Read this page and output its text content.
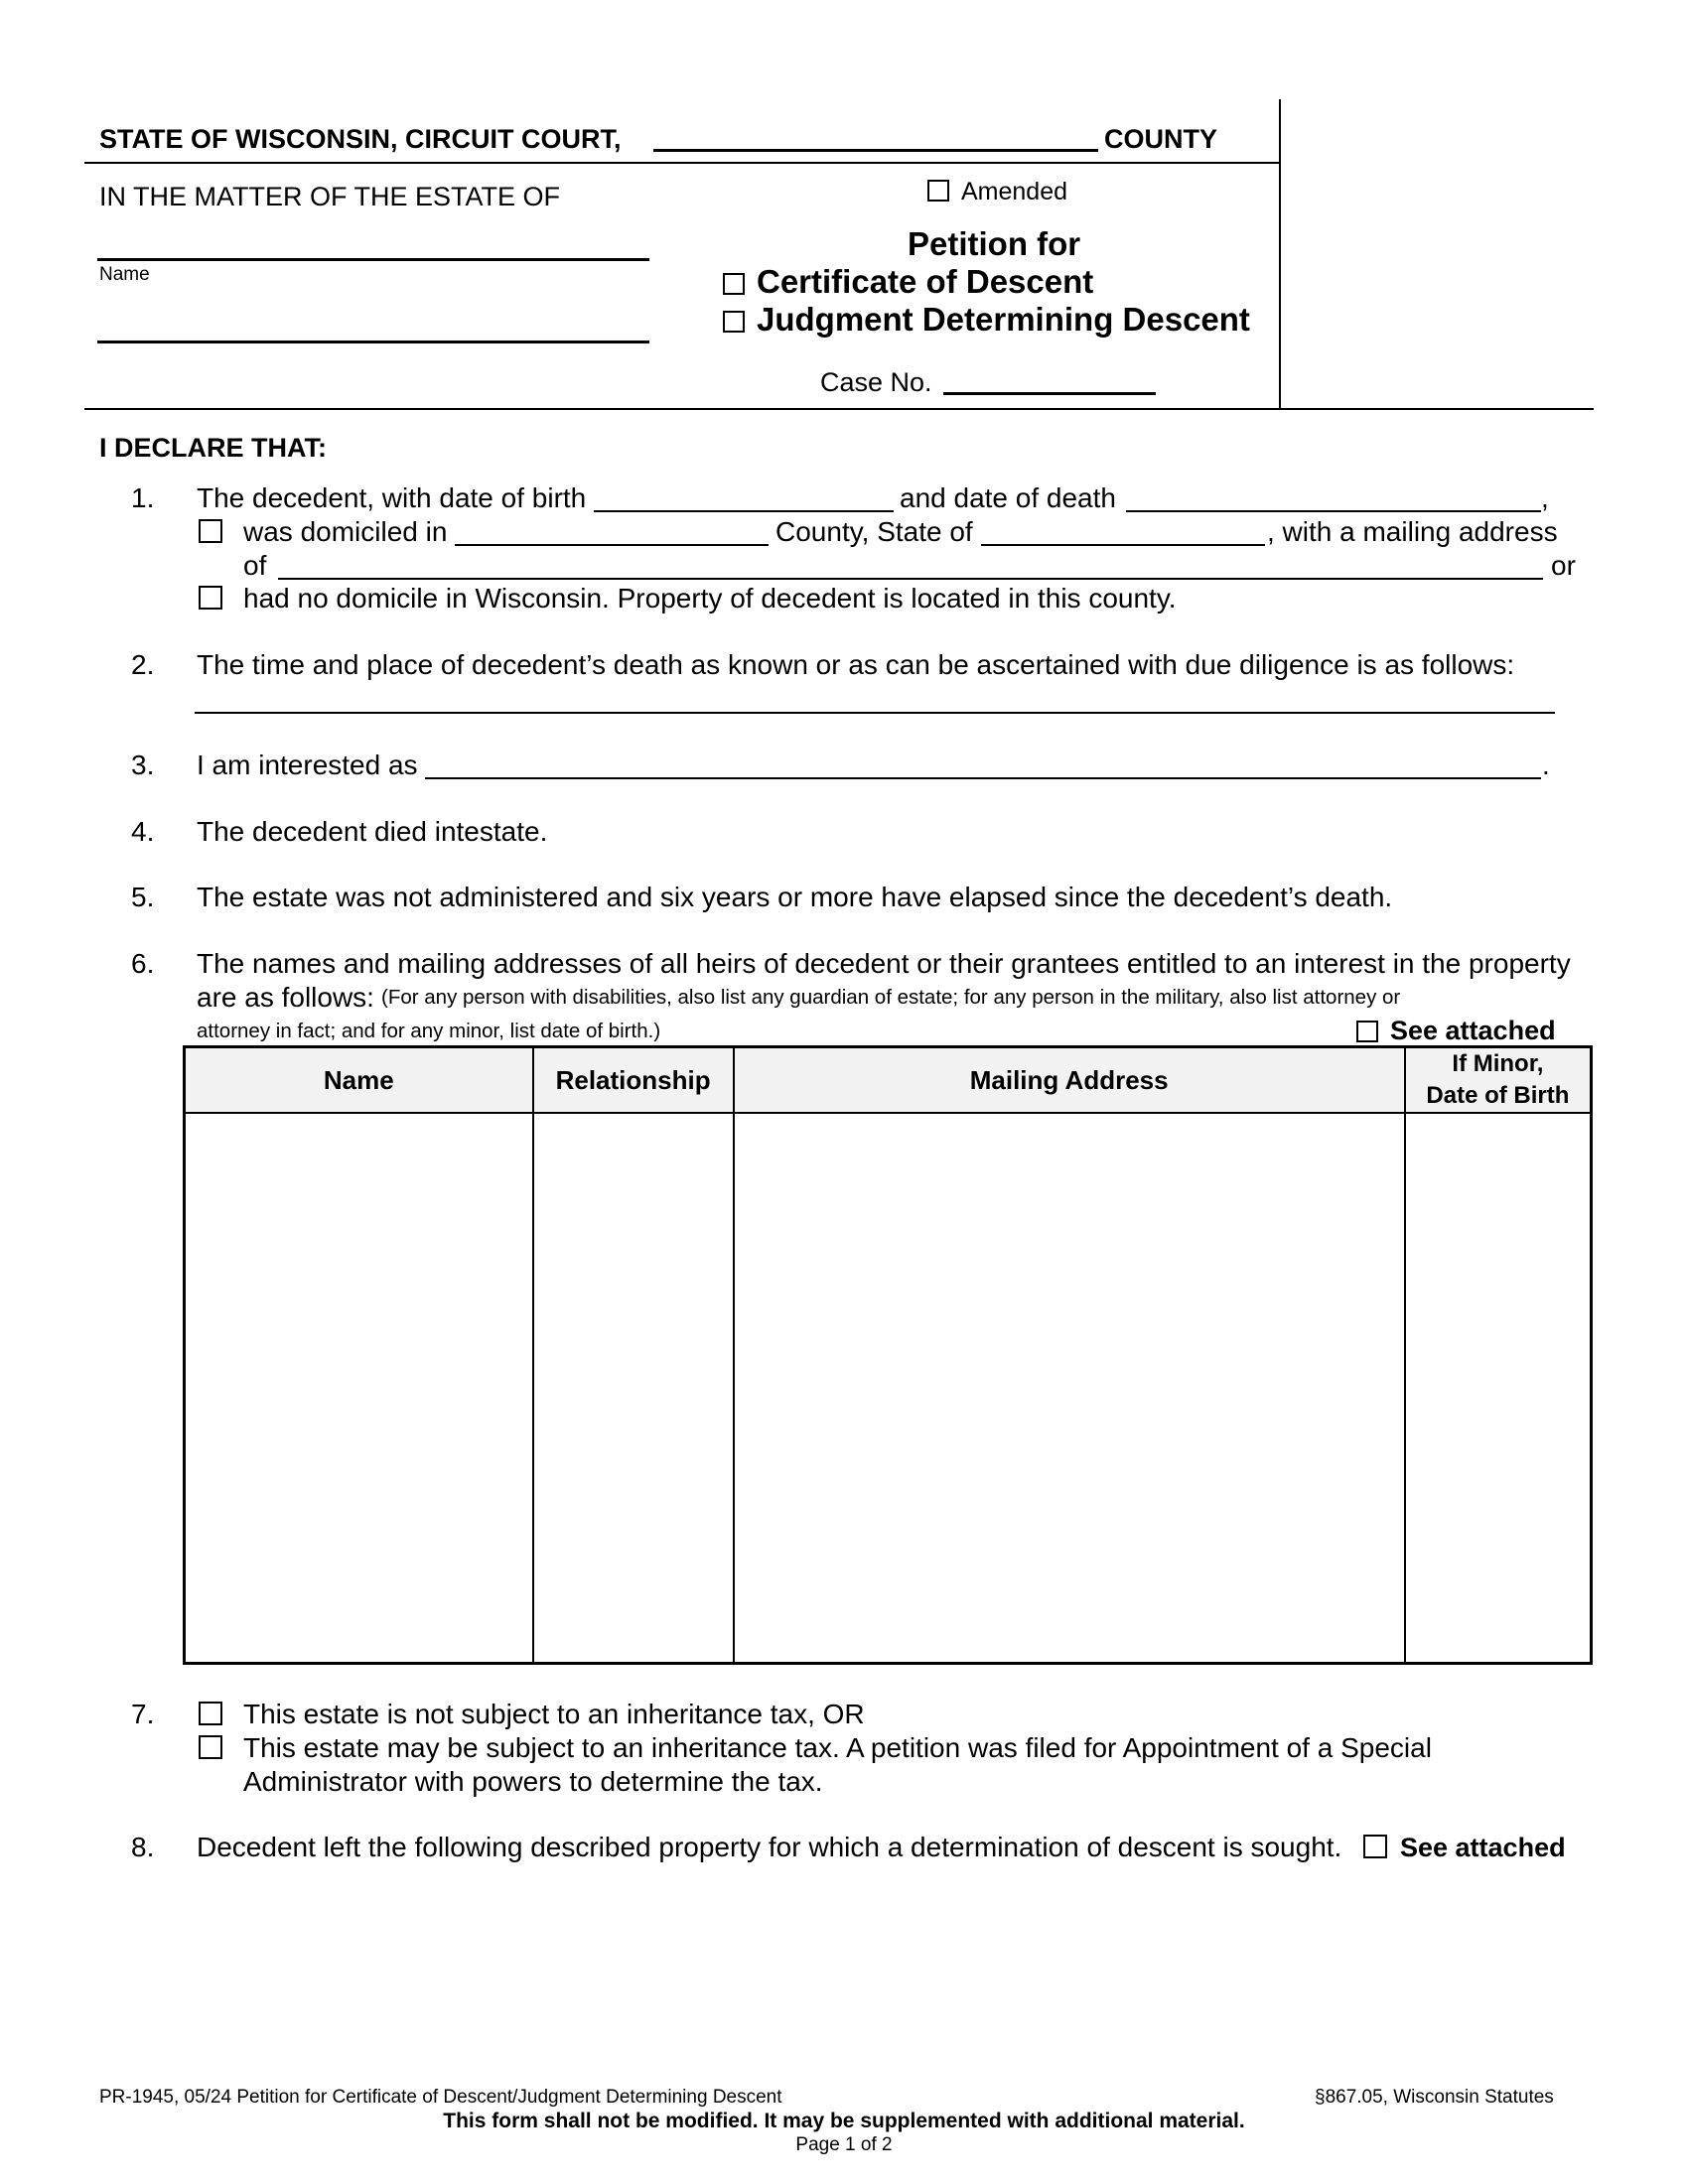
STATE OF WISCONSIN, CIRCUIT COURT,	COUNTY
IN THE MATTER OF THE ESTATE OF
Name
Amended
Petition for
Certificate of Descent
Judgment Determining Descent
Case No.
I DECLARE THAT:
1. The decedent, with date of birth	and date of death	,
was domiciled in	County, State of	, with a mailing address
of	or
had no domicile in Wisconsin. Property of decedent is located in this county.
2. The time and place of decedent’s death as known or as can be ascertained with due diligence is as follows:
3. I am interested as	.
4. The decedent died intestate.
5. The estate was not administered and six years or more have elapsed since the decedent’s death.
6. The names and mailing addresses of all heirs of decedent or their grantees entitled to an interest in the property
are as follows: (For any person with disabilities, also list any guardian of estate; for any person in the military, also list attorney or
attorney in fact; and for any minor, list date of birth.)	See attached
Name	Relationship	Mailing Address	If Minor,
Date of Birth

7.	This estate is not subject to an inheritance tax, OR
This estate may be subject to an inheritance tax. A petition was filed for Appointment of a Special
Administrator with powers to determine the tax.
8. Decedent left the following described property for which a determination of descent is sought. See attached
PR-1945, 05/24 Petition for Certificate of Descent/Judgment Determining Descent	§867.05, Wisconsin Statutes
This form shall not be modified. It may be supplemented with additional material.
Page 1 of 2
